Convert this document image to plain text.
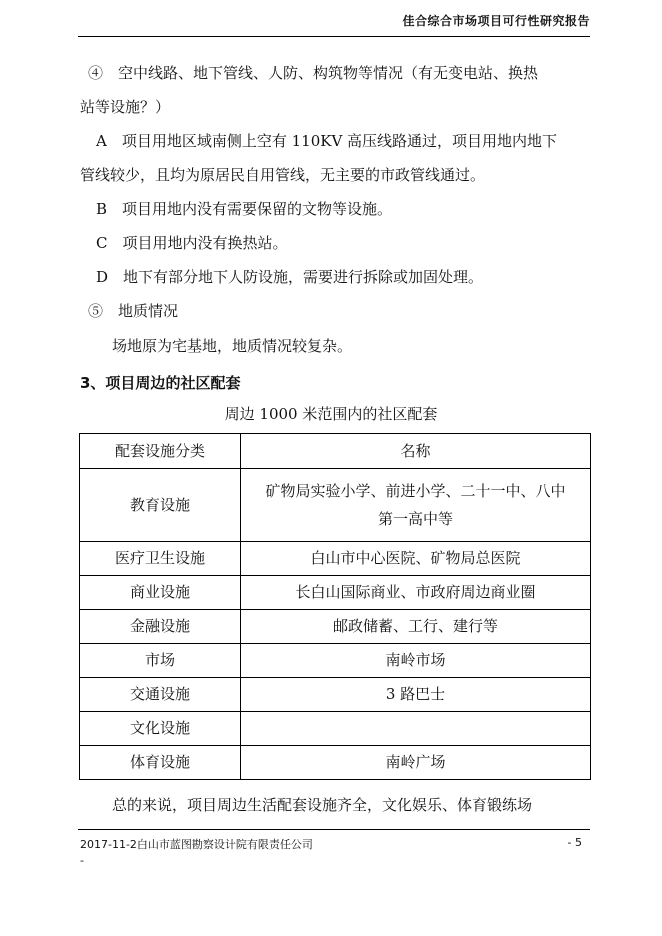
佳合综合市场项目可行性研究报告
④　空中线路、地下管线、人防、构筑物等情况（有无变电站、换热
站等设施？）
A　项目用地区域南侧上空有 110KV 高压线路通过，项目用地内地下
管线较少，且均为原居民自用管线，无主要的市政管线通过。
B　项目用地内没有需要保留的文物等设施。
C　项目用地内没有换热站。
D　地下有部分地下人防设施，需要进行拆除或加固处理。
⑤　地质情况
场地原为宅基地，地质情况较复杂。
3、项目周边的社区配套
周边 1000 米范围内的社区配套
配套设施分类	名称
教育设施	矿物局实验小学、前进小学、二十一中、八中
第一高中等
医疗卫生设施	白山市中心医院、矿物局总医院
商业设施	长白山国际商业、市政府周边商业圈
金融设施	邮政储蓄、工行、建行等
市场	南岭市场
交通设施	3 路巴士
文化设施	
体育设施	南岭广场
总的来说，项目周边生活配套设施齐全，文化娱乐、体育锻练场
2017-11-2白山市蓝图勘察设计院有限责任公司
-
- 5
